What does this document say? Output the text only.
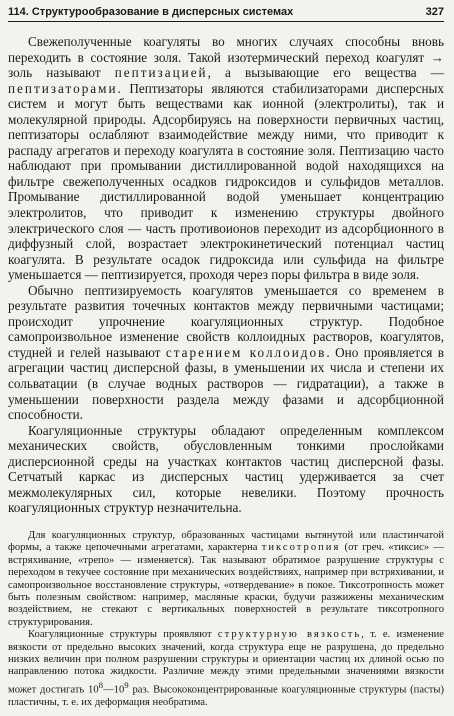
114. Структурообразование в дисперсных системах	327

Свежеполученные коагуляты во многих случаях способны вновь переходить в состояние золя. Такой изотермический переход коагулят → золь называют пептизацией, а вызывающие его вещества — пептизаторами. Пептизаторы являются стабилизаторами дисперсных систем и могут быть веществами как ионной (электролиты), так и молекулярной природы. Адсорбируясь на поверхности первичных частиц, пептизаторы ослабляют взаимодействие между ними, что приводит к распаду агрегатов и переходу коагулята в состояние золя. Пептизацию часто наблюдают при промывании дистиллированной водой находящихся на фильтре свежеполученных осадков гидроксидов и сульфидов металлов. Промывание дистиллированной водой уменьшает концентрацию электролитов, что приводит к изменению структуры двойного электрического слоя — часть противоионов переходит из адсорбционного в диффузный слой, возрастает электрокинетический потенциал частиц коагулята. В результате осадок гидроксида или сульфида на фильтре уменьшается — пептизируется, проходя через поры фильтра в виде золя.

Обычно пептизируемость коагулятов уменьшается со временем в результате развития точечных контактов между первичными частицами; происходит упрочнение коагуляционных структур. Подобное самопроизвольное изменение свойств коллоидных растворов, коагулятов, студней и гелей называют старением коллоидов. Оно проявляется в агрегации частиц дисперсной фазы, в уменьшении их числа и степени их сольватации (в случае водных растворов — гидратации), а также в уменьшении поверхности раздела между фазами и адсорбционной способности.

Коагуляционные структуры обладают определенным комплексом механических свойств, обусловленным тонкими прослойками дисперсионной среды на участках контактов частиц дисперсной фазы. Сетчатый каркас из дисперсных частиц удерживается за счет межмолекулярных сил, которые невелики. Поэтому прочность коагуляционных структур незначительна.

Для коагуляционных структур, образованных частицами вытянутой или пластинчатой формы, а также цепочечными агрегатами, характерна тиксотропия (от греч. «тиксис» — встряхивание, «трепо» — изменяется). Так называют обратимое разрушение структуры с переходом в текучее состояние при механических воздействиях, например при встряхивании, и самопроизвольное восстановление структуры, «отвердевание» в покое. Тиксотропность может быть полезным свойством: например, масляные краски, будучи разжижены механическим воздействием, не стекают с вертикальных поверхностей в результате тиксотропного структурирования.

Коагуляционные структуры проявляют структурную вязкость, т. е. изменение вязкости от предельно высоких значений, когда структура еще не разрушена, до предельно низких величин при полном разрушении структуры и ориентации частиц их длиной осью по направлению потока жидкости. Различие между этими предельными значениями вязкости может достигать $10^8—10^9$ раз. Высококонцентрированные коагуляционные структуры (пасты) пластичны, т. е. их деформация необратима.
